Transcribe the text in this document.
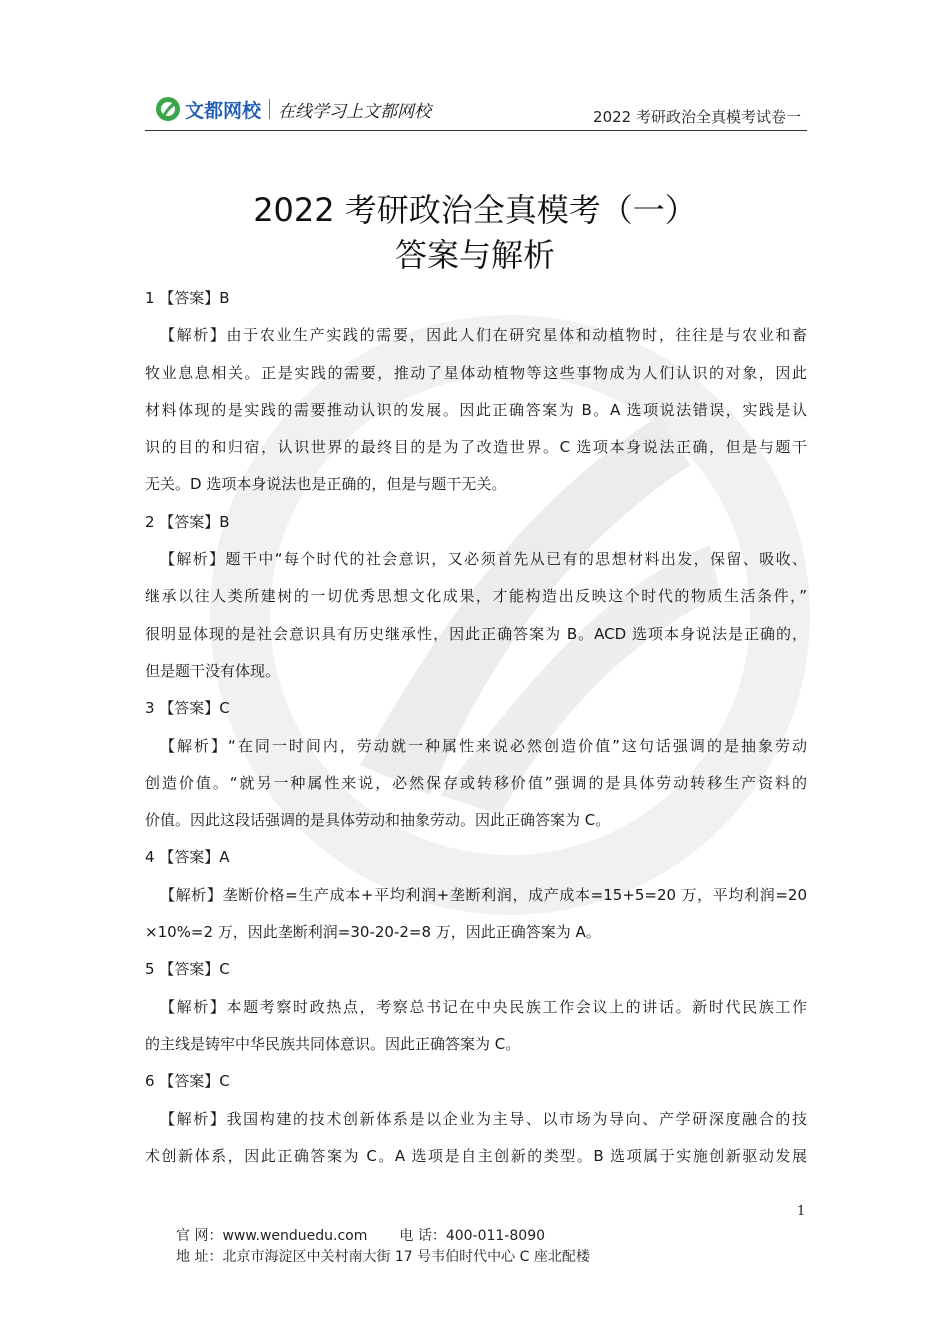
文都网校 在线学习上文都网校	2022 考研政治全真模考试卷一
2022 考研政治全真模考（一）
答案与解析
1 【答案】B
【解析】由于农业生产实践的需要，因此人们在研究星体和动植物时，往往是与农业和畜
牧业息息相关。正是实践的需要，推动了星体动植物等这些事物成为人们认识的对象，因此
材料体现的是实践的需要推动认识的发展。因此正确答案为 B。A 选项说法错误，实践是认
识的目的和归宿，认识世界的最终目的是为了改造世界。C 选项本身说法正确，但是与题干
无关。D 选项本身说法也是正确的，但是与题干无关。
2 【答案】B
【解析】题干中“每个时代的社会意识，又必须首先从已有的思想材料出发，保留、吸收、
继承以往人类所建树的一切优秀思想文化成果，才能构造出反映这个时代的物质生活条件，”
很明显体现的是社会意识具有历史继承性，因此正确答案为 B。ACD 选项本身说法是正确的，
但是题干没有体现。
3 【答案】C
【解析】“在同一时间内，劳动就一种属性来说必然创造价值”这句话强调的是抽象劳动
创造价值。“就另一种属性来说，必然保存或转移价值”强调的是具体劳动转移生产资料的
价值。因此这段话强调的是具体劳动和抽象劳动。因此正确答案为 C。
4 【答案】A
【解析】垄断价格=生产成本+平均利润+垄断利润，成产成本=15+5=20 万，平均利润=20
×10%=2 万，因此垄断利润=30-20-2=8 万，因此正确答案为 A。
5 【答案】C
【解析】本题考察时政热点，考察总书记在中央民族工作会议上的讲话。新时代民族工作
的主线是铸牢中华民族共同体意识。因此正确答案为 C。
6 【答案】C
【解析】我国构建的技术创新体系是以企业为主导、以市场为导向、产学研深度融合的技
术创新体系，因此正确答案为 C。A 选项是自主创新的类型。B 选项属于实施创新驱动发展
1
官 网：www.wenduedu.com 电 话：400-011-8090
地 址：北京市海淀区中关村南大街 17 号韦伯时代中心 C 座北配楼
